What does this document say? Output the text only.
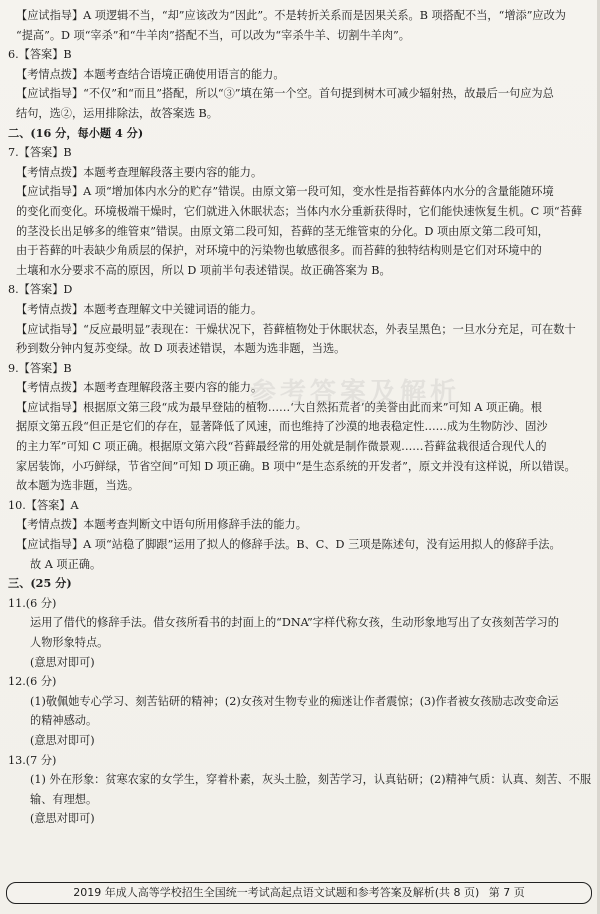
参考答案及解析
【应试指导】A 项逻辑不当，“却”应该改为“因此”。不是转折关系而是因果关系。B 项搭配不当，“增添”应改为
“提高”。D 项“宰杀”和“牛羊肉”搭配不当，可以改为“宰杀牛羊、切割牛羊肉”。
6.【答案】B
【考情点拨】本题考查结合语境正确使用语言的能力。
【应试指导】“不仅”和“而且”搭配，所以“③”填在第一个空。首句提到树木可减少辐射热，故最后一句应为总
结句，选②，运用排除法，故答案选 B。
二、(16 分，每小题 4 分)
7.【答案】B
【考情点拨】本题考查理解段落主要内容的能力。
【应试指导】A 项“增加体内水分的贮存”错误。由原文第一段可知，变水性是指苔藓体内水分的含量能随环境
的变化而变化。环境极端干燥时，它们就进入休眠状态；当体内水分重新获得时，它们能快速恢复生机。C 项“苔藓
的茎没长出足够多的维管束”错误。由原文第二段可知，苔藓的茎无维管束的分化。D 项由原文第二段可知，
由于苔藓的叶表缺少角质层的保护，对环境中的污染物也敏感很多。而苔藓的独特结构则是它们对环境中的
土壤和水分要求不高的原因，所以 D 项前半句表述错误。故正确答案为 B。
8.【答案】D
【考情点拨】本题考查理解文中关键词语的能力。
【应试指导】“反应最明显”表现在：干燥状况下，苔藓植物处于休眠状态，外表呈黑色；一旦水分充足，可在数十
秒到数分钟内复苏变绿。故 D 项表述错误，本题为选非题，当选。
9.【答案】B
【考情点拨】本题考查理解段落主要内容的能力。
【应试指导】根据原文第三段“成为最早登陆的植物……‘大自然拓荒者’的美誉由此而来”可知 A 项正确。根
据原文第五段“但正是它们的存在，显著降低了风速，而也维持了沙漠的地表稳定性……成为生物防沙、固沙
的主力军”可知 C 项正确。根据原文第六段“苔藓最经常的用处就是制作微景观……苔藓盆栽很适合现代人的
家居装饰，小巧鲜绿，节省空间”可知 D 项正确。B 项中“是生态系统的开发者”，原文并没有这样说，所以错误。
故本题为选非题，当选。
10.【答案】A
【考情点拨】本题考查判断文中语句所用修辞手法的能力。
【应试指导】A 项“站稳了脚跟”运用了拟人的修辞手法。B、C、D 三项是陈述句，没有运用拟人的修辞手法。
故 A 项正确。
三、(25 分)
11.(6 分)
运用了借代的修辞手法。借女孩所看书的封面上的“DNA”字样代称女孩，生动形象地写出了女孩刻苦学习的
人物形象特点。
(意思对即可)
12.(6 分)
(1)敬佩她专心学习、刻苦钻研的精神；(2)女孩对生物专业的痴迷让作者震惊；(3)作者被女孩励志改变命运
的精神感动。
(意思对即可)
13.(7 分)
(1) 外在形象：贫寒农家的女学生，穿着朴素，灰头土脸，刻苦学习，认真钻研；(2)精神气质：认真、刻苦、不服
输、有理想。
(意思对即可)
2019 年成人高等学校招生全国统一考试高起点语文试题和参考答案及解析(共 8 页) 第 7 页
